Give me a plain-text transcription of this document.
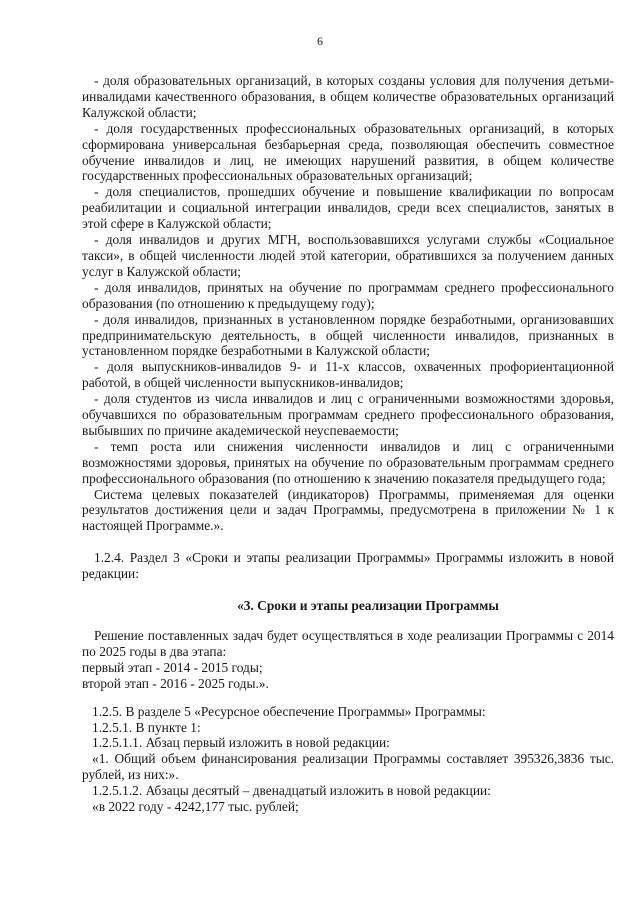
6

- доля образовательных организаций, в которых созданы условия для получения детьми-инвалидами качественного образования, в общем количестве образовательных организаций Калужской области;

- доля государственных профессиональных образовательных организаций, в которых сформирована универсальная безбарьерная среда, позволяющая обеспечить совместное обучение инвалидов и лиц, не имеющих нарушений развития, в общем количестве государственных профессиональных образовательных организаций;

- доля специалистов, прошедших обучение и повышение квалификации по вопросам реабилитации и социальной интеграции инвалидов, среди всех специалистов, занятых в этой сфере в Калужской области;

- доля инвалидов и других МГН, воспользовавшихся услугами службы «Социальное такси», в общей численности людей этой категории, обратившихся за получением данных услуг в Калужской области;

- доля инвалидов, принятых на обучение по программам среднего профессионального образования (по отношению к предыдущему году);

- доля инвалидов, признанных в установленном порядке безработными, организовавших предпринимательскую деятельность, в общей численности инвалидов, признанных в установленном порядке безработными в Калужской области;

- доля выпускников-инвалидов 9- и 11-х классов, охваченных профориентационной работой, в общей численности выпускников-инвалидов;

- доля студентов из числа инвалидов и лиц с ограниченными возможностями здоровья, обучавшихся по образовательным программам среднего профессионального образования, выбывших по причине академической неуспеваемости;

- темп роста или снижения численности инвалидов и лиц с ограниченными возможностями здоровья, принятых на обучение по образовательным программам среднего профессионального образования (по отношению к значению показателя предыдущего года;

Система целевых показателей (индикаторов) Программы, применяемая для оценки результатов достижения цели и задач Программы, предусмотрена в приложении № 1 к настоящей Программе.».

1.2.4. Раздел 3 «Сроки и этапы реализации Программы» Программы изложить в новой редакции:

«3. Сроки и этапы реализации Программы

Решение поставленных задач будет осуществляться в ходе реализации Программы с 2014 по 2025 годы в два этапа:

первый этап - 2014 - 2015 годы;

второй этап - 2016 - 2025 годы.».

1.2.5. В разделе 5 «Ресурсное обеспечение Программы» Программы:

1.2.5.1. В пункте 1:

1.2.5.1.1. Абзац первый изложить в новой редакции:

«1. Общий объем финансирования реализации Программы составляет 395326,3836 тыс. рублей, из них:».

1.2.5.1.2. Абзацы десятый – двенадцатый изложить в новой редакции:

«в 2022 году - 4242,177 тыс. рублей;
